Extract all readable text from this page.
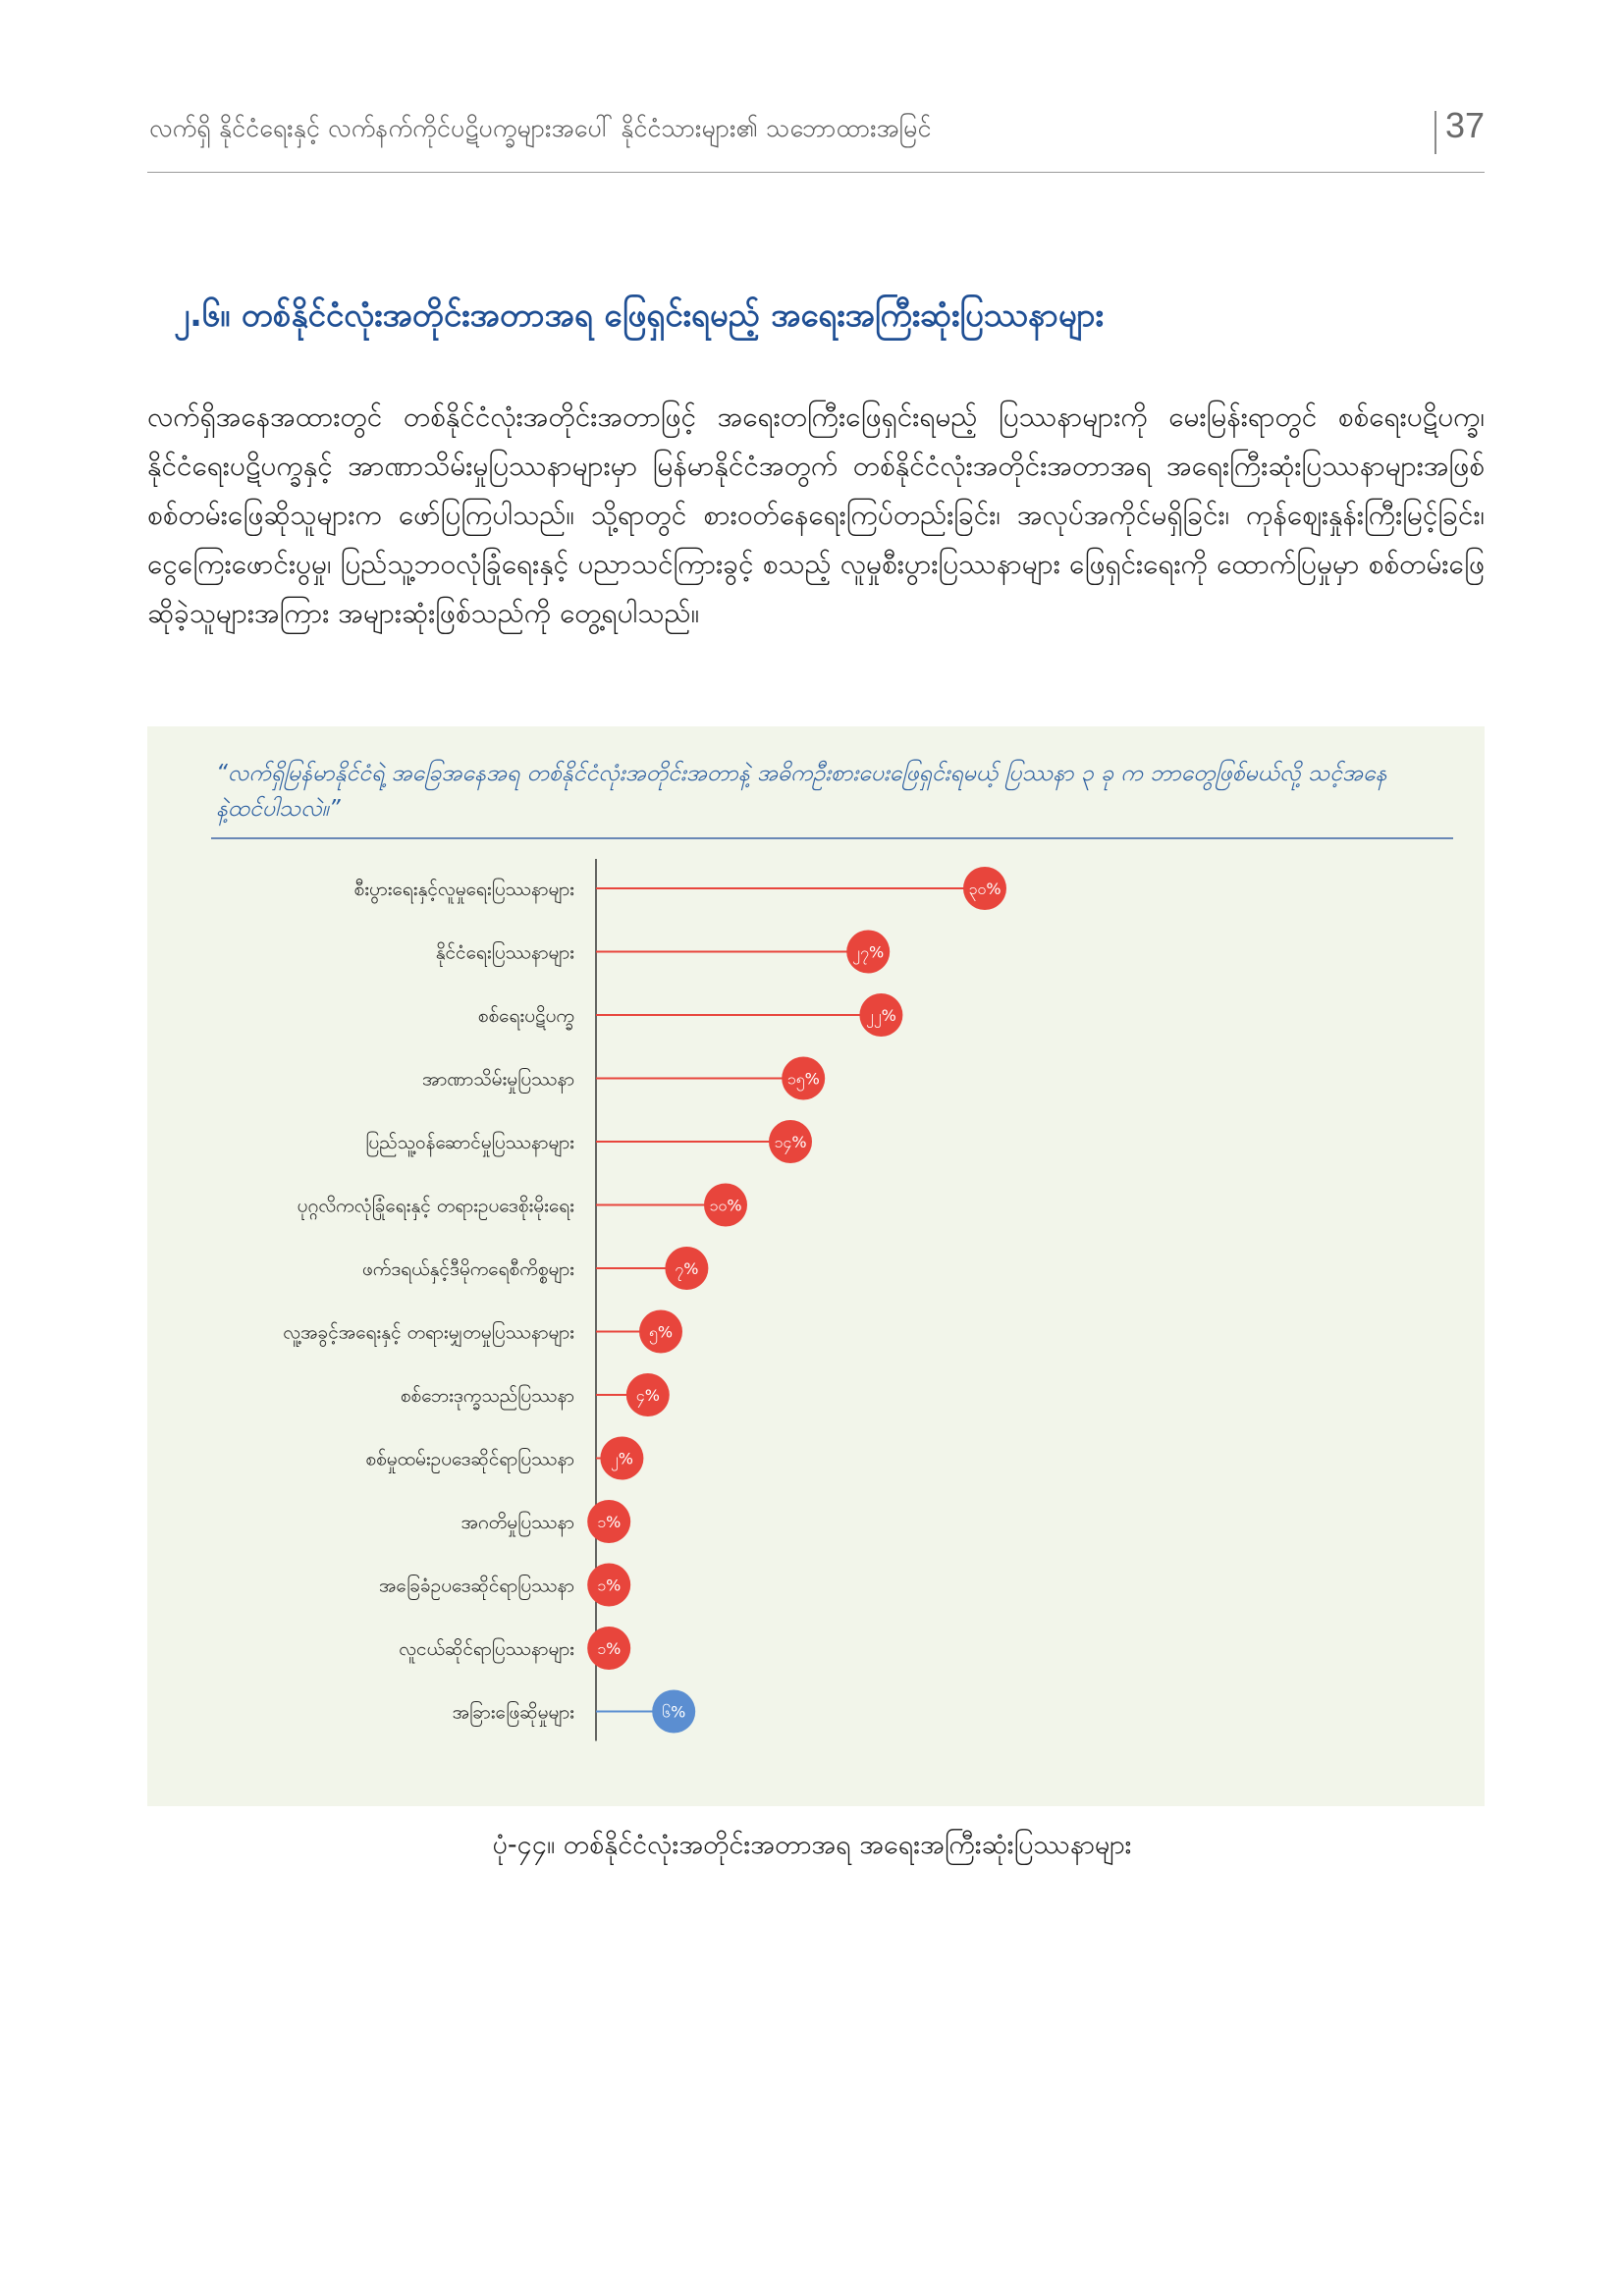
လက်ရှိ နိုင်ငံရေးနှင့် လက်နက်ကိုင်ပဋိပက္ခများအပေါ် နိုင်ငံသားများ၏ သဘောထားအမြင်	37
၂.၆။ တစ်နိုင်ငံလုံးအတိုင်းအတာအရ ဖြေရှင်းရမည့် အရေးအကြီးဆုံးပြဿနာများ
လက်ရှိအနေအထားတွင် တစ်နိုင်ငံလုံးအတိုင်းအတာဖြင့် အရေးတကြီးဖြေရှင်းရမည့် ပြဿနာများကို မေးမြန်းရာတွင် စစ်ရေးပဋိပက္ခ၊ နိုင်ငံရေးပဋိပက္ခနှင့် အာဏာသိမ်းမှုပြဿနာများမှာ မြန်မာနိုင်ငံအတွက် တစ်နိုင်ငံလုံးအတိုင်းအတာအရ အရေးကြီးဆုံးပြဿနာများအဖြစ် စစ်တမ်းဖြေဆိုသူများက ဖော်ပြကြပါသည်။ သို့ရာတွင် စားဝတ်နေရေးကြပ်တည်းခြင်း၊ အလုပ်အကိုင်မရှိခြင်း၊ ကုန်ဈေးနှုန်းကြီးမြင့်ခြင်း၊ ငွေကြေးဖောင်းပွမှု၊ ပြည်သူ့ဘဝလုံခြုံရေးနှင့် ပညာသင်ကြားခွင့် စသည့် လူမှုစီးပွားပြဿနာများ ဖြေရှင်းရေးကို ထောက်ပြမှုမှာ စစ်တမ်းဖြေဆိုခဲ့သူများအကြား အများဆုံးဖြစ်သည်ကို တွေ့ရပါသည်။
“လက်ရှိမြန်မာနိုင်ငံရဲ့ အခြေအနေအရ တစ်နိုင်ငံလုံးအတိုင်းအတာနဲ့ အဓိကဦးစားပေးဖြေရှင်းရမယ့် ပြဿနာ ၃ ခု က ဘာတွေဖြစ်မယ်လို့ သင့်အနေနဲ့ထင်ပါသလဲ။”
စီးပွားရေးနှင့်လူမှုရေးပြဿနာများ	၃၀%
နိုင်ငံရေးပြဿနာများ	၂၇%
စစ်ရေးပဋိပက္ခ	၂၂%
အာဏာသိမ်းမှုပြဿနာ	၁၅%
ပြည်သူ့ဝန်ဆောင်မှုပြဿနာများ	၁၄%
ပုဂ္ဂလိကလုံခြုံရေးနှင့် တရားဥပဒေစိုးမိုးရေး	၁၀%
ဖက်ဒရယ်နှင့်ဒီမိုကရေစီကိစ္စများ	၇%
လူ့အခွင့်အရေးနှင့် တရားမျှတမှုပြဿနာများ	၅%
စစ်ဘေးဒုက္ခသည်ပြဿနာ	၄%
စစ်မှုထမ်းဥပဒေဆိုင်ရာပြဿနာ ၂%
အဂတိမှုပြဿနာ ၁%
အခြေခံဥပဒေဆိုင်ရာပြဿနာ ၁%
လူငယ်ဆိုင်ရာပြဿနာများ ၁%
အခြားဖြေဆိုမှုများ	၆%
ပုံ-၄၄။ တစ်နိုင်ငံလုံးအတိုင်းအတာအရ အရေးအကြီးဆုံးပြဿနာများ
